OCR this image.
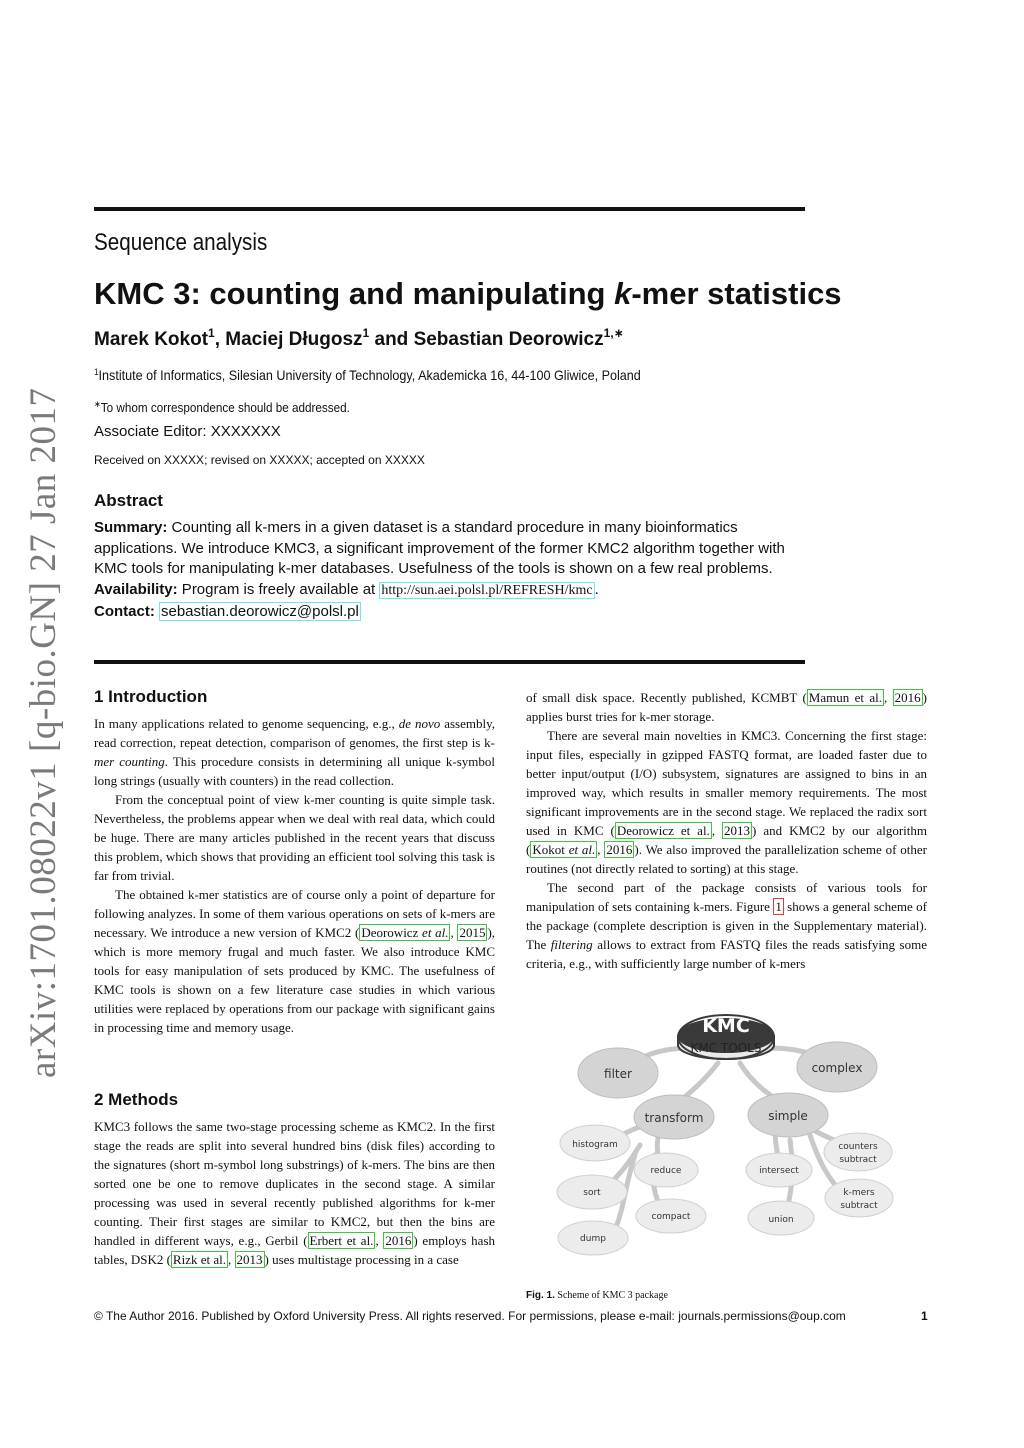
arXiv:1701.08022v1 [q-bio.GN] 27 Jan 2017
Sequence analysis
KMC 3: counting and manipulating k-mer statistics
Marek Kokot$^1$, Maciej Długosz$^1$ and Sebastian Deorowicz$^{1,∗}$
$^1$Institute of Informatics, Silesian University of Technology, Akademicka 16, 44-100 Gliwice, Poland
∗To whom correspondence should be addressed.
Associate Editor: XXXXXXX
Received on XXXXX; revised on XXXXX; accepted on XXXXX
Abstract
Summary: Counting all k-mers in a given dataset is a standard procedure in many bioinformatics
applications. We introduce KMC3, a significant improvement of the former KMC2 algorithm together with
KMC tools for manipulating k-mer databases. Usefulness of the tools is shown on a few real problems.
Availability: Program is freely available at http://sun.aei.polsl.pl/REFRESH/kmc .
Contact: sebastian.deorowicz@polsl.pl
1 Introduction

In many applications related to genome sequencing, e.g., de novo assembly, read correction, repeat detection, comparison of genomes, the first step is k-mer counting. This procedure consists in determining all unique k-symbol long strings (usually with counters) in the read collection.

From the conceptual point of view k-mer counting is quite simple task. Nevertheless, the problems appear when we deal with real data, which could be huge. There are many articles published in the recent years that discuss this problem, which shows that providing an efficient tool solving this task is far from trivial.

The obtained k-mer statistics are of course only a point of departure for following analyzes. In some of them various operations on sets of k-mers are necessary. We introduce a new version of KMC2 ( Deorowicz et al. , 2015 ), which is more memory frugal and much faster. We also introduce KMC tools for easy manipulation of sets produced by KMC. The usefulness of KMC tools is shown on a few literature case studies in which various utilities were replaced by operations from our package with significant gains in processing time and memory usage.

2 Methods

KMC3 follows the same two-stage processing scheme as KMC2. In the first stage the reads are split into several hundred bins (disk files) according to the signatures (short m-symbol long substrings) of k-mers. The bins are then sorted one be one to remove duplicates in the second stage. A similar processing was used in several recently published algorithms for k-mer counting. Their first stages are similar to KMC2, but then the bins are handled in different ways, e.g., Gerbil ( Erbert et al. , 2016 ) employs hash tables, DSK2 ( Rizk et al. , 2013 ) uses multistage processing in a case

of small disk space. Recently published, KCMBT ( Mamun et al. , 2016 ) applies burst tries for k-mer storage.

There are several main novelties in KMC3. Concerning the first stage: input files, especially in gzipped FASTQ format, are loaded faster due to better input/output (I/O) subsystem, signatures are assigned to bins in an improved way, which results in smaller memory requirements. The most significant improvements are in the second stage. We replaced the radix sort used in KMC ( Deorowicz et al. , 2013 ) and KMC2 by our algorithm ( Kokot et al. , 2016 ). We also improved the parallelization scheme of other routines (not directly related to sorting) at this stage.

The second part of the package consists of various tools for manipulation of sets containing k-mers. Figure 1 shows a general scheme of the package (complete description is given in the Supplementary material). The filtering allows to extract from FASTQ files the reads satisfying some criteria, e.g., with sufficiently large number of k-mers

KMC
KMC TOOLS
filter	complex
transform	simple
histogram
reduce
sort
compact
dump
intersect
union
counters
subtract
k-mers
subtract
Fig. 1. Scheme of KMC 3 package
© The Author 2016. Published by Oxford University Press. All rights reserved. For permissions, please e-mail: journals.permissions@oup.com	1
